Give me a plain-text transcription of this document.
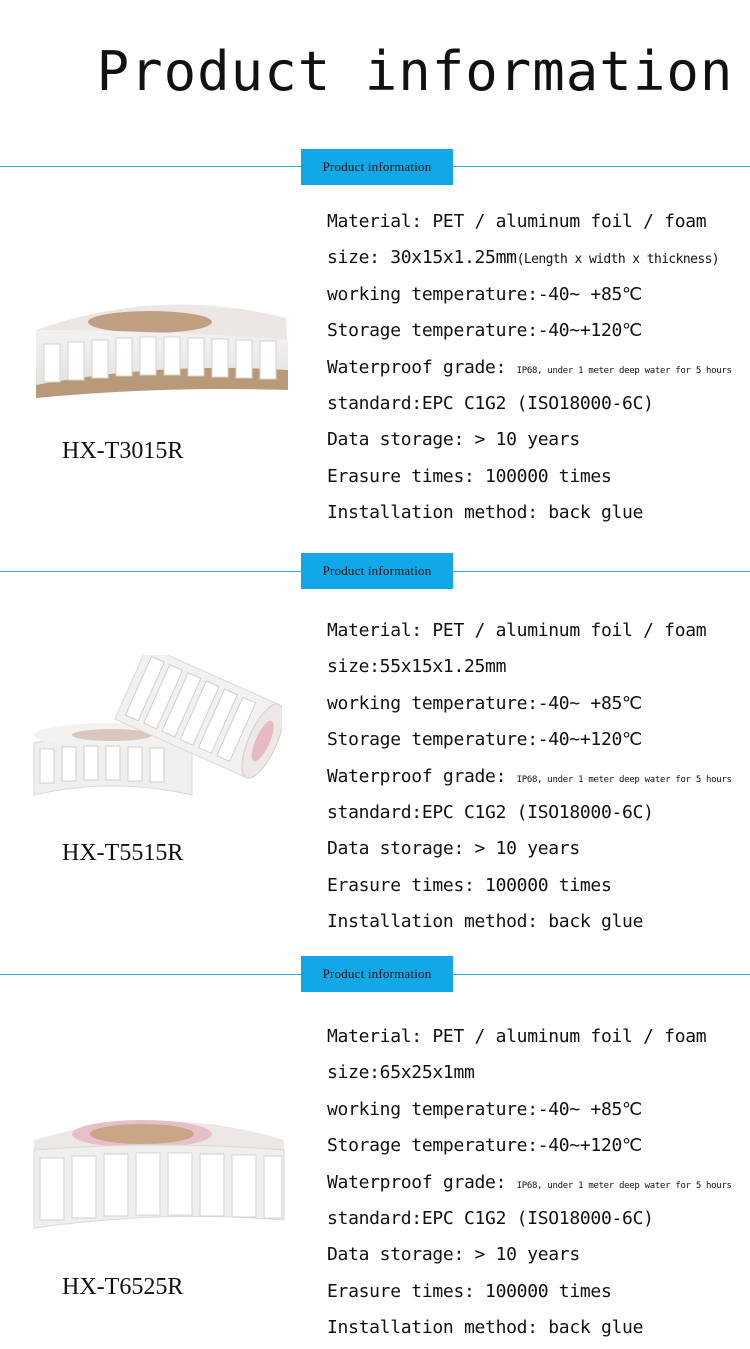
Product information
Product information
HX-T3015R
Material: PET / aluminum foil / foam
size: 30x15x1.25mm(Length x width x thickness)
working temperature:-40~ +85℃
Storage temperature:-40~+120℃
Waterproof grade: IP68, under 1 meter deep water for 5 hours
standard:EPC C1G2 (ISO18000-6C)
Data storage: > 10 years
Erasure times: 100000 times
Installation method: back glue
Product information
HX-T5515R
Material: PET / aluminum foil / foam
size:55x15x1.25mm
working temperature:-40~ +85℃
Storage temperature:-40~+120℃
Waterproof grade: IP68, under 1 meter deep water for 5 hours
standard:EPC C1G2 (ISO18000-6C)
Data storage: > 10 years
Erasure times: 100000 times
Installation method: back glue
Product information
HX-T6525R
Material: PET / aluminum foil / foam
size:65x25x1mm
working temperature:-40~ +85℃
Storage temperature:-40~+120℃
Waterproof grade: IP68, under 1 meter deep water for 5 hours
standard:EPC C1G2 (ISO18000-6C)
Data storage: > 10 years
Erasure times: 100000 times
Installation method: back glue
